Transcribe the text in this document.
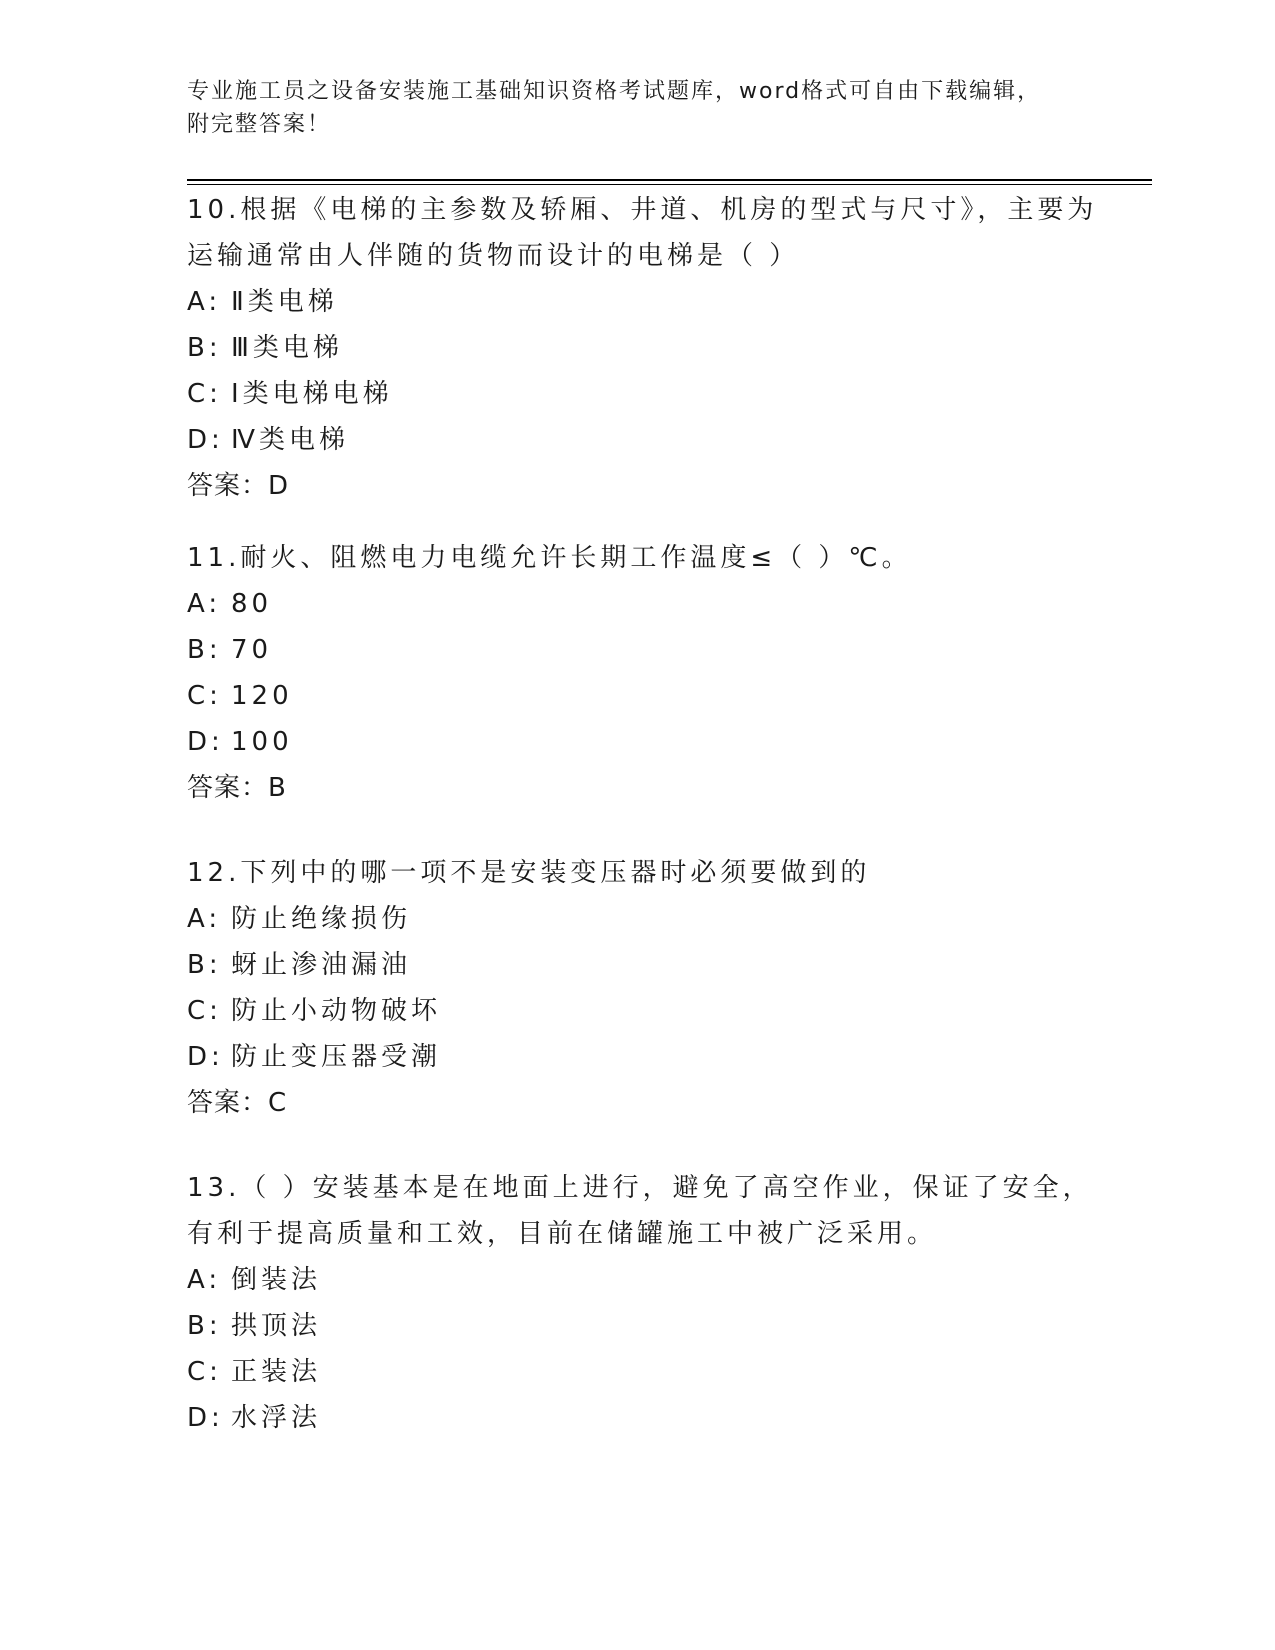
专业施工员之设备安装施工基础知识资格考试题库，word格式可自由下载编辑，
附完整答案！
10.根据《电梯的主参数及轿厢、井道、机房的型式与尺寸》，主要为
运输通常由人伴随的货物而设计的电梯是（ ）
A: Ⅱ类电梯
B: Ⅲ类电梯
C: Ⅰ类电梯电梯
D: Ⅳ类电梯
答案：D
11.耐火、阻燃电力电缆允许长期工作温度≤（ ）℃。
A: 80
B: 70
C: 120
D: 100
答案：B
12.下列中的哪一项不是安装变压器时必须要做到的
A: 防止绝缘损伤
B: 蚜止渗油漏油
C: 防止小动物破坏
D: 防止变压器受潮
答案：C
13.（ ）安装基本是在地面上进行，避免了高空作业，保证了安全，
有利于提高质量和工效，目前在储罐施工中被广泛采用。
A: 倒装法
B: 拱顶法
C: 正装法
D: 水浮法
